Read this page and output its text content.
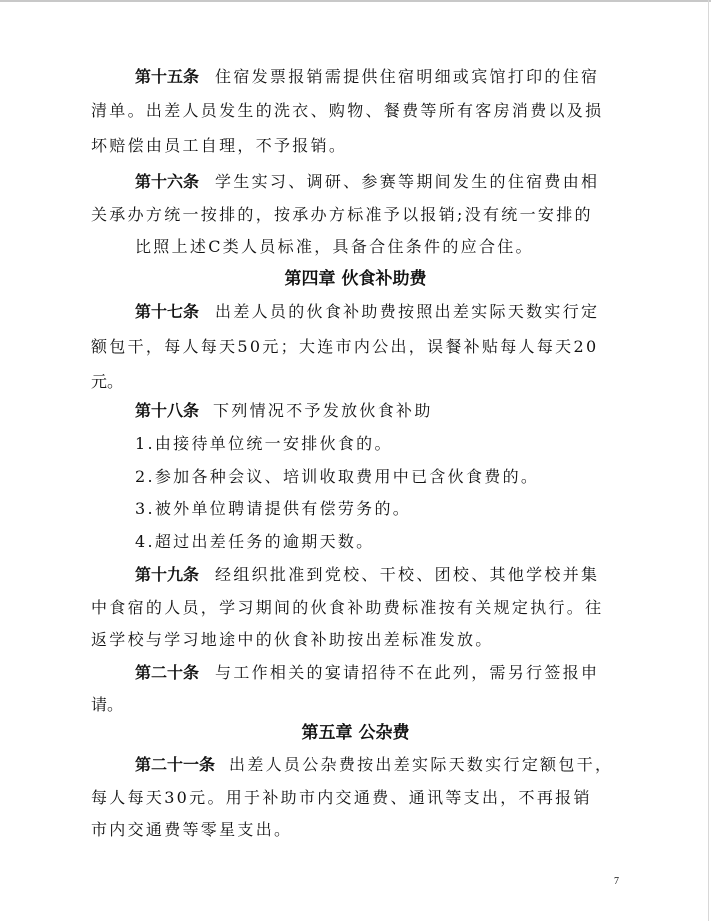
第十五条 住宿发票报销需提供住宿明细或宾馆打印的住宿
清单。出差人员发生的洗衣、购物、餐费等所有客房消费以及损
坏赔偿由员工自理，不予报销。
第十六条 学生实习、调研、参赛等期间发生的住宿费由相
关承办方统一按排的，按承办方标准予以报销;没有统一安排的
比照上述C类人员标准，具备合住条件的应合住。
第四章 伙食补助费
第十七条 出差人员的伙食补助费按照出差实际天数实行定
额包干，每人每天50元；大连市内公出，误餐补贴每人每天20
元。
第十八条 下列情况不予发放伙食补助
1.由接待单位统一安排伙食的。
2.参加各种会议、培训收取费用中已含伙食费的。
3.被外单位聘请提供有偿劳务的。
4.超过出差任务的逾期天数。
第十九条 经组织批准到党校、干校、团校、其他学校并集
中食宿的人员，学习期间的伙食补助费标准按有关规定执行。往
返学校与学习地途中的伙食补助按出差标准发放。
第二十条 与工作相关的宴请招待不在此列，需另行签报申
请。
第五章 公杂费
第二十一条 出差人员公杂费按出差实际天数实行定额包干，
每人每天30元。用于补助市内交通费、通讯等支出，不再报销
市内交通费等零星支出。
7
